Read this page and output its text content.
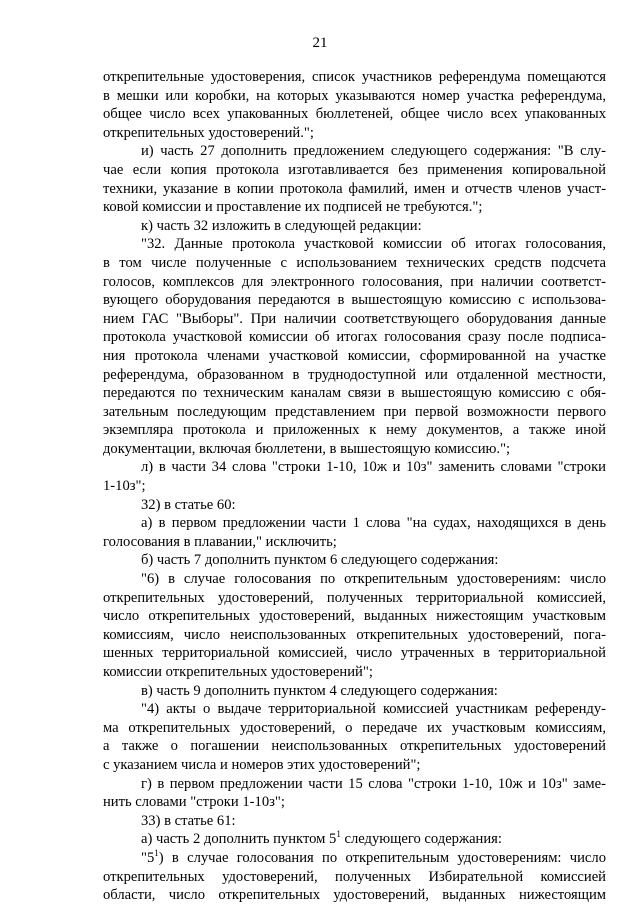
21
открепительные удостоверения, список участников референдума помещаются
в мешки или коробки, на которых указываются номер участка референдума,
общее число всех упакованных бюллетеней, общее число всех упакованных
открепительных удостоверений.";
и) часть 27 дополнить предложением следующего содержания: "В слу-
чае если копия протокола изготавливается без применения копировальной
техники, указание в копии протокола фамилий, имен и отчеств членов участ-
ковой комиссии и проставление их подписей не требуются.";
к) часть 32 изложить в следующей редакции:
"32. Данные протокола участковой комиссии об итогах голосования,
в том числе полученные с использованием технических средств подсчета
голосов, комплексов для электронного голосования, при наличии соответст-
вующего оборудования передаются в вышестоящую комиссию с использова-
нием ГАС "Выборы". При наличии соответствующего оборудования данные
протокола участковой комиссии об итогах голосования сразу после подписа-
ния протокола членами участковой комиссии, сформированной на участке
референдума, образованном в труднодоступной или отдаленной местности,
передаются по техническим каналам связи в вышестоящую комиссию с обя-
зательным последующим представлением при первой возможности первого
экземпляра протокола и приложенных к нему документов, а также иной
документации, включая бюллетени, в вышестоящую комиссию.";
л) в части 34 слова "строки 1-10, 10ж и 10з" заменить словами "строки
1-10з";
32) в статье 60:
а) в первом предложении части 1 слова "на судах, находящихся в день
голосования в плавании," исключить;
б) часть 7 дополнить пунктом 6 следующего содержания:
"6) в случае голосования по открепительным удостоверениям: число
открепительных удостоверений, полученных территориальной комиссией,
число открепительных удостоверений, выданных нижестоящим участковым
комиссиям, число неиспользованных открепительных удостоверений, пога-
шенных территориальной комиссией, число утраченных в территориальной
комиссии открепительных удостоверений";
в) часть 9 дополнить пунктом 4 следующего содержания:
"4) акты о выдаче территориальной комиссией участникам референду-
ма открепительных удостоверений, о передаче их участковым комиссиям,
а также о погашении неиспользованных открепительных удостоверений
с указанием числа и номеров этих удостоверений";
г) в первом предложении части 15 слова "строки 1-10, 10ж и 10з" заме-
нить словами "строки 1-10з";
33) в статье 61:
а) часть 2 дополнить пунктом $5^1$ следующего содержания:
"$5^1$) в случае голосования по открепительным удостоверениям: число
открепительных удостоверений, полученных Избирательной комиссией
области, число открепительных удостоверений, выданных нижестоящим
